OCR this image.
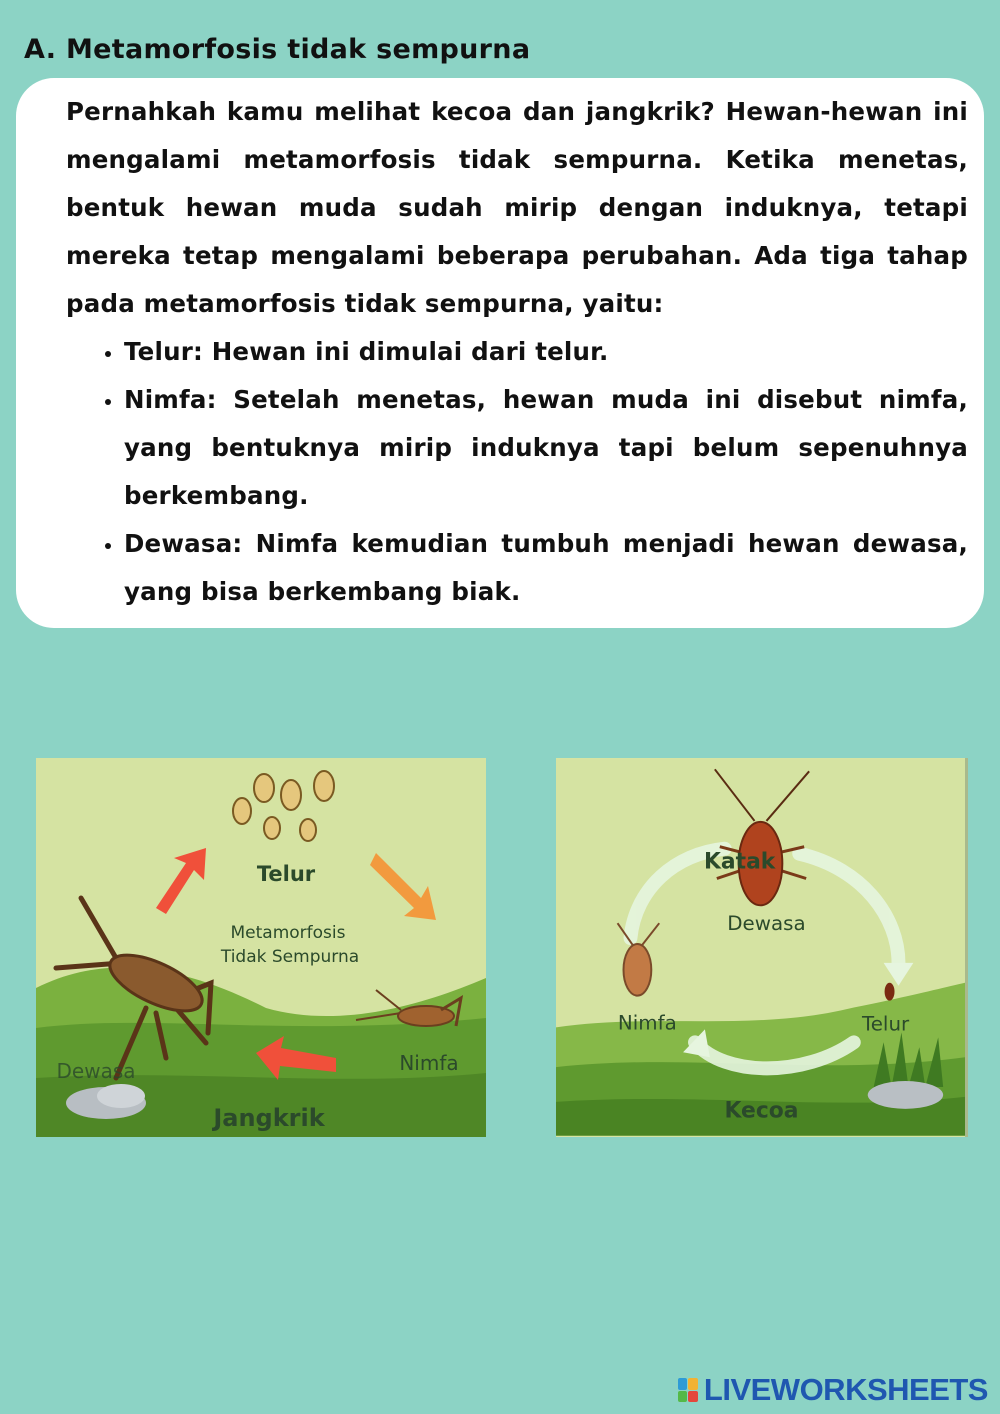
A. Metamorfosis tidak sempurna

Pernahkah kamu melihat kecoa dan jangkrik? Hewan-hewan ini mengalami metamorfosis tidak sempurna. Ketika menetas, bentuk hewan muda sudah mirip dengan induknya, tetapi mereka tetap mengalami beberapa perubahan. Ada tiga tahap pada metamorfosis tidak sempurna, yaitu:

• Telur: Hewan ini dimulai dari telur.
• Nimfa: Setelah menetas, hewan muda ini disebut nimfa, yang bentuknya mirip induknya tapi belum sepenuhnya berkembang.
• Dewasa: Nimfa kemudian tumbuh menjadi hewan dewasa, yang bisa berkembang biak.
Telur
Metamorfosis
Tidak Sempurna
Nimfa
Dewasa
Jangkrik
Katak
Dewasa
Nimfa	Telur
Kecoa
LIVEWORKSHEETS
